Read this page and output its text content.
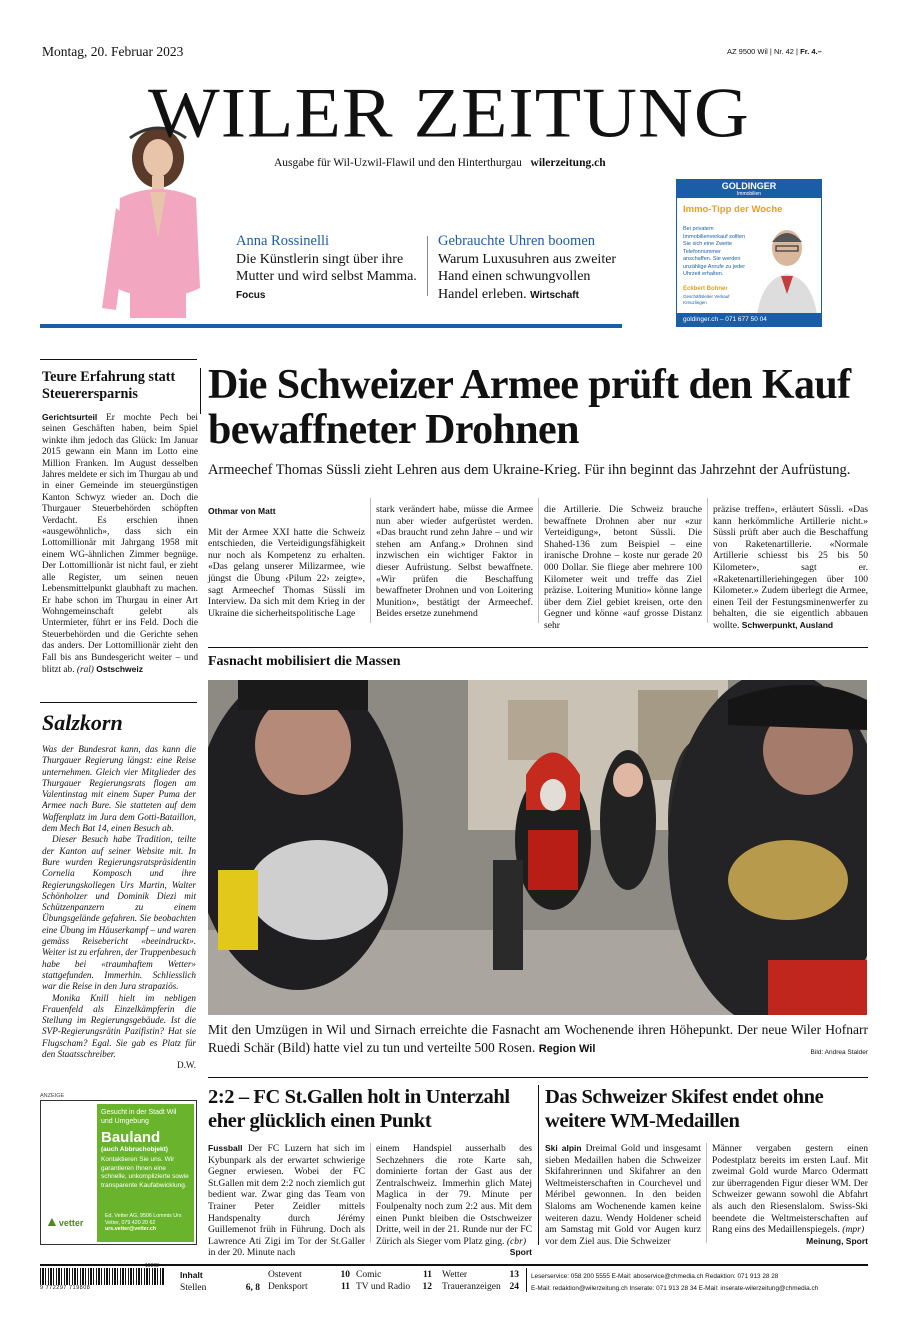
Montag, 20. Februar 2023	AZ 9500 Wil | Nr. 42 | Fr. 4.–
WILER ZEITUNG
Ausgabe für Wil-Uzwil-Flawil und den Hinterthurgau wilerzeitung.ch
Anna Rossinelli
Die Künstlerin singt über ihre Mutter und wird selbst Mamma. Focus
Gebrauchte Uhren boomen
Warum Luxusuhren aus zweiter Hand einen schwungvollen Handel erleben. Wirtschaft
GOLDINGER
Immobilien
Immo-Tipp der Woche
Bei privatem Immobilienverkauf sollten Sie sich eine Zweite Telefonnummer anschaffen. Sie werden unzählige Anrufe zu jeder Uhrzeit erhalten.
Eckbert Bohner
Geschäftsleiter Verkauf Kreuzlingen
goldinger.ch – 071 677 50 04
Teure Erfahrung statt Steuerersparnis
Gerichtsurteil Er mochte Pech bei seinen Geschäften haben, beim Spiel winkte ihm jedoch das Glück: Im Januar 2015 gewann ein Mann im Lotto eine Million Franken. Im August desselben Jahres meldete er sich im Thurgau ab und in einer Gemeinde im steuergünstigen Kanton Schwyz wieder an. Doch die Thurgauer Steuerbehörden schöpften Verdacht. Es erschien ihnen «ausgewöhnlich», dass sich ein Lottomillionär mit Jahrgang 1958 mit einem WG-ähnlichen Zimmer begnüge. Der Lottomillionär ist nicht faul, er zieht alle Register, um seinen neuen Lebensmittelpunkt glaubhaft zu machen. Er habe schon im Thurgau in einer Art Wohngemeinschaft gelebt als Untermieter, führt er ins Feld. Doch die Steuerbehörden und die Gerichte sehen das anders. Der Lottomillionär zieht den Fall bis ans Bundesgericht weiter – und blitzt ab. (ral) Ostschweiz
Salzkorn
Was der Bundesrat kann, das kann die Thurgauer Regierung längst: eine Reise unternehmen. Gleich vier Mitglieder des Thurgauer Regierungsrats flogen am Valentinstag mit einem Super Puma der Armee nach Bure. Sie statteten auf dem Waffenplatz im Jura dem Gotti-Bataillon, dem Mech Bat 14, einen Besuch ab.
Dieser Besuch habe Tradition, teilte der Kanton auf seiner Website mit. In Bure wurden Regierungsratspräsidentin Cornelia Komposch und ihre Regierungskollegen Urs Martin, Walter Schönholzer und Dominik Diezi mit Schützenpanzern zu einem Übungsgelände gefahren. Sie beobachten eine Übung im Häuserkampf – und waren gemäss Reisebericht «beeindruckt». Weiter ist zu erfahren, der Truppenbesuch habe bei «traumhaftem Wetter» stattgefunden. Immerhin. Schliesslich war die Reise in den Jura strapaziös.
Monika Knill hielt im nebligen Frauenfeld als Einzelkämpferin die Stellung im Regierungsgebäude. Ist die SVP-Regierungsrätin Pazifistin? Hat sie Flugscham? Egal. Sie gab es Platz für den Staatsschreiber.
D.W.
ANZEIGE
Gesucht in der Stadt Wil und Umgebung
Bauland
(auch Abbruchobjekt)
Kontaktieren Sie uns. Wir garantieren Ihnen eine schnelle, unkomplizierte sowie transparente Kaufabwicklung.
▲vetter
Ed. Vetter AG, 9506 Lommis Urs Vetter, 079 420 20 62
urs.vetter@vetter.ch
Die Schweizer Armee prüft den Kauf bewaffneter Drohnen
Armeechef Thomas Süssli zieht Lehren aus dem Ukraine-Krieg. Für ihn beginnt das Jahrzehnt der Aufrüstung.
Othmar von Matt
Mit der Armee XXI hatte die Schweiz entschieden, die Verteidigungsfähigkeit nur noch als Kompetenz zu erhalten. «Das gelang unserer Milizarmee, wie jüngst die Übung ‹Pilum 22› zeigte», sagt Armeechef Thomas Süssli im Interview. Da sich mit dem Krieg in der Ukraine die sicherheitspolitische Lage
stark verändert habe, müsse die Armee nun aber wieder aufgerüstet werden. «Das braucht rund zehn Jahre – und wir stehen am Anfang.» Drohnen sind inzwischen ein wichtiger Faktor in dieser Aufrüstung. Selbst bewaffnete. «Wir prüfen die Beschaffung bewaffneter Drohnen und von Loitering Munition», bestätigt der Armeechef. Beides ersetze zunehmend
die Artillerie. Die Schweiz brauche bewaffnete Drohnen aber nur «zur Verteidigung», betont Süssli. Die Shahed-136 zum Beispiel – eine iranische Drohne – koste nur gerade 20 000 Dollar. Sie fliege aber mehrere 100 Kilometer weit und treffe das Ziel präzise. Loitering Munitio» könne lange über dem Ziel gebiet kreisen, orte den Gegner und könne «auf grosse Distanz sehr
präzise treffen», erläutert Süssli. «Das kann herkömmliche Artillerie nicht.» Süssli prüft aber auch die Beschaffung von Raketenartillerie. «Normale Artillerie schiesst bis 25 bis 50 Kilometer», sagt er. «Raketenartilleriehingegen über 100 Kilometer.» Zudem überlegt die Armee, einen Teil der Festungsminenwerfer zu behalten, die sie eigentlich abbauen wollte. Schwerpunkt, Ausland
Fasnacht mobilisiert die Massen
Mit den Umzügen in Wil und Sirnach erreichte die Fasnacht am Wochenende ihren Höhepunkt. Der neue Wiler Hofnarr Ruedi Schär (Bild) hatte viel zu tun und verteilte 500 Rosen. Region Wil	Bild: Andrea Stalder
2:2 – FC St.Gallen holt in Unterzahl eher glücklich einen Punkt
Fussball Der FC Luzern hat sich im Kybunpark als der erwartet schwierige Gegner erwiesen. Wobei der FC St.Gallen mit dem 2:2 noch ziemlich gut bedient war. Zwar ging das Team von Trainer Peter Zeidler mittels Handspenalty durch Jérémy Guillemenot früh in Führung. Doch als Lawrence Ati Zigi im Tor der St.Galler in der 20. Minute nach
einem Handspiel ausserhalb des Sechzehners die rote Karte sah, dominierte fortan der Gast aus der Zentralschweiz. Immerhin glich Matej Maglica in der 79. Minute per Foulpenalty noch zum 2:2 aus. Mit dem einen Punkt bleiben die Ostschweizer Dritte, weil in der 21. Runde nur der FC Zürich als Sieger vom Platz ging. (cbr)
Sport
Das Schweizer Skifest endet ohne weitere WM-Medaillen
Ski alpin Dreimal Gold und insgesamt sieben Medaillen haben die Schweizer Skifahrerinnen und Skifahrer an den Weltmeisterschaften in Courchevel und Méribel gewonnen. In den beiden Slaloms am Wochenende kamen keine weiteren dazu. Wendy Holdener scheid am Samstag mit Gold vor Augen kurz vor dem Ziel aus. Die Schweizer
Männer vergaben gestern einen Podestplatz bereits im ersten Lauf. Mit zweimal Gold wurde Marco Odermatt zur überragenden Figur dieser WM. Der Schweizer gewann sowohl die Abfahrt als auch den Riesenslalom. Swiss-Ski beendete die Weltmeisterschaften auf Rang eins des Medaillenspiegels. (mpr)
Meinung, Sport
9 772297 719808
10008
Inhalt
Stellen	6, 8
Ostevent	10
Denksport	11
Comic	11
TV und Radio 12
Wetter	13
Traueranzeigen 24
Leserservice: 058 200 5555 E-Mail: aboservice@chmedia.ch Redaktion: 071 913 28 28
E-Mail: redaktion@wilerzeitung.ch Inserate: 071 913 28 34 E-Mail: inserate-wilerzeitung@chmedia.ch
